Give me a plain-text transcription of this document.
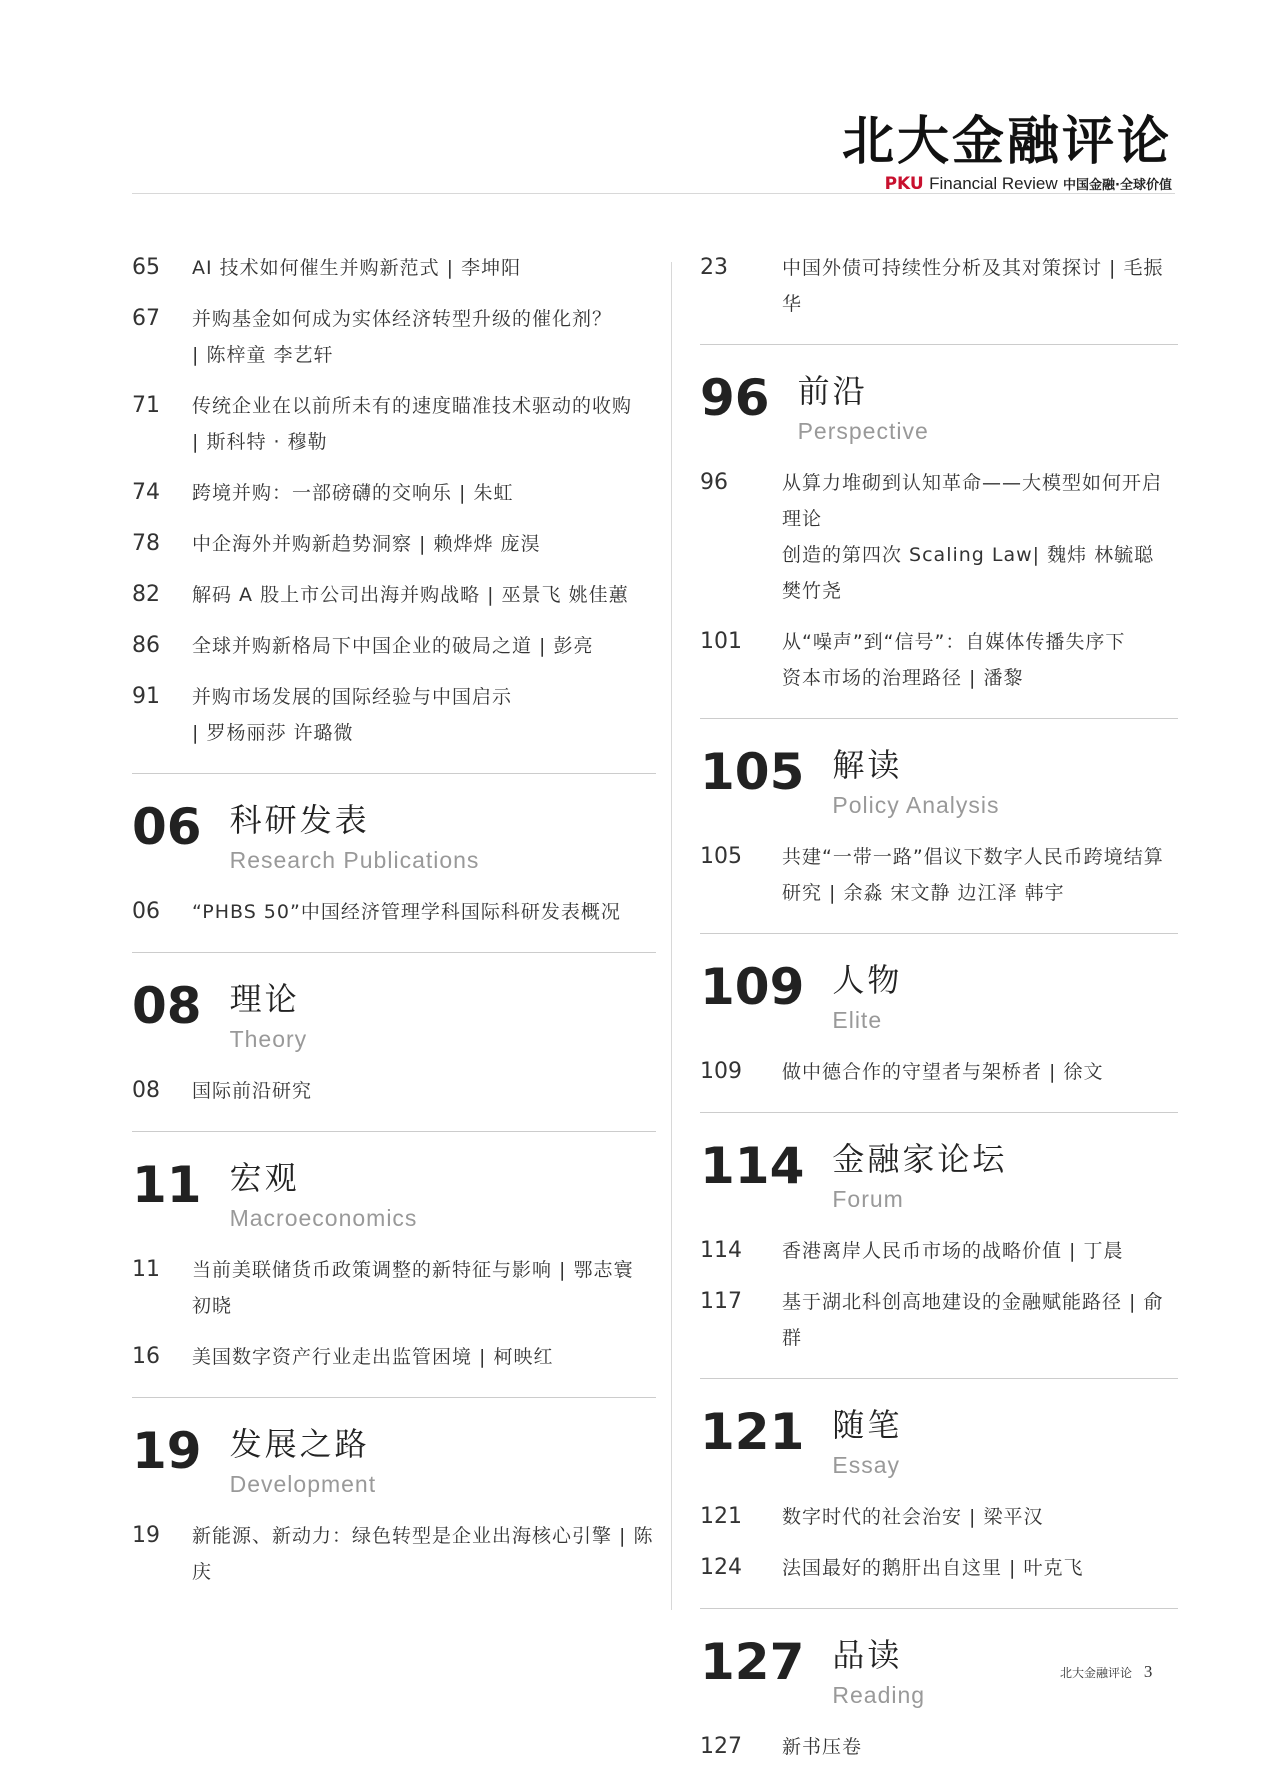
北大金融评论
PKU Financial Review 中国金融·全球价值
65	AI 技术如何催生并购新范式 | 李坤阳
67	并购基金如何成为实体经济转型升级的催化剂？
| 陈梓童 李艺轩
71	传统企业在以前所未有的速度瞄准技术驱动的收购
| 斯科特 · 穆勒
74	跨境并购：一部磅礴的交响乐 | 朱虹
78	中企海外并购新趋势洞察 | 赖烨烨 庞淏
82	解码 A 股上市公司出海并购战略 | 巫景飞 姚佳蕙
86	全球并购新格局下中国企业的破局之道 | 彭亮
91	并购市场发展的国际经验与中国启示
| 罗杨丽莎 许璐微
06 科研发表
Research Publications
06	“PHBS 50”中国经济管理学科国际科研发表概况
08 理论
Theory
08	国际前沿研究
11 宏观
Macroeconomics
11	当前美联储货币政策调整的新特征与影响 | 鄂志寰 初晓
16	美国数字资产行业走出监管困境 | 柯映红
19 发展之路
Development
19	新能源、新动力：绿色转型是企业出海核心引擎 | 陈庆
23	中国外债可持续性分析及其对策探讨 | 毛振华
96 前沿
Perspective
96	从算力堆砌到认知革命——大模型如何开启理论
创造的第四次 Scaling Law| 魏炜 林毓聪 樊竹尧
101	从“噪声”到“信号”：自媒体传播失序下
资本市场的治理路径 | 潘黎
105 解读
Policy Analysis
105	共建“一带一路”倡议下数字人民币跨境结算
研究 | 余淼 宋文静 边江泽 韩宇
109 人物
Elite
109	做中德合作的守望者与架桥者 | 徐文
114 金融家论坛
Forum
114	香港离岸人民币市场的战略价值 | 丁晨
117	基于湖北科创高地建设的金融赋能路径 | 俞群
121 随笔
Essay
121	数字时代的社会治安 | 梁平汉
124	法国最好的鹅肝出自这里 | 叶克飞
127 品读
Reading
127	新书压卷
北大金融评论 3
